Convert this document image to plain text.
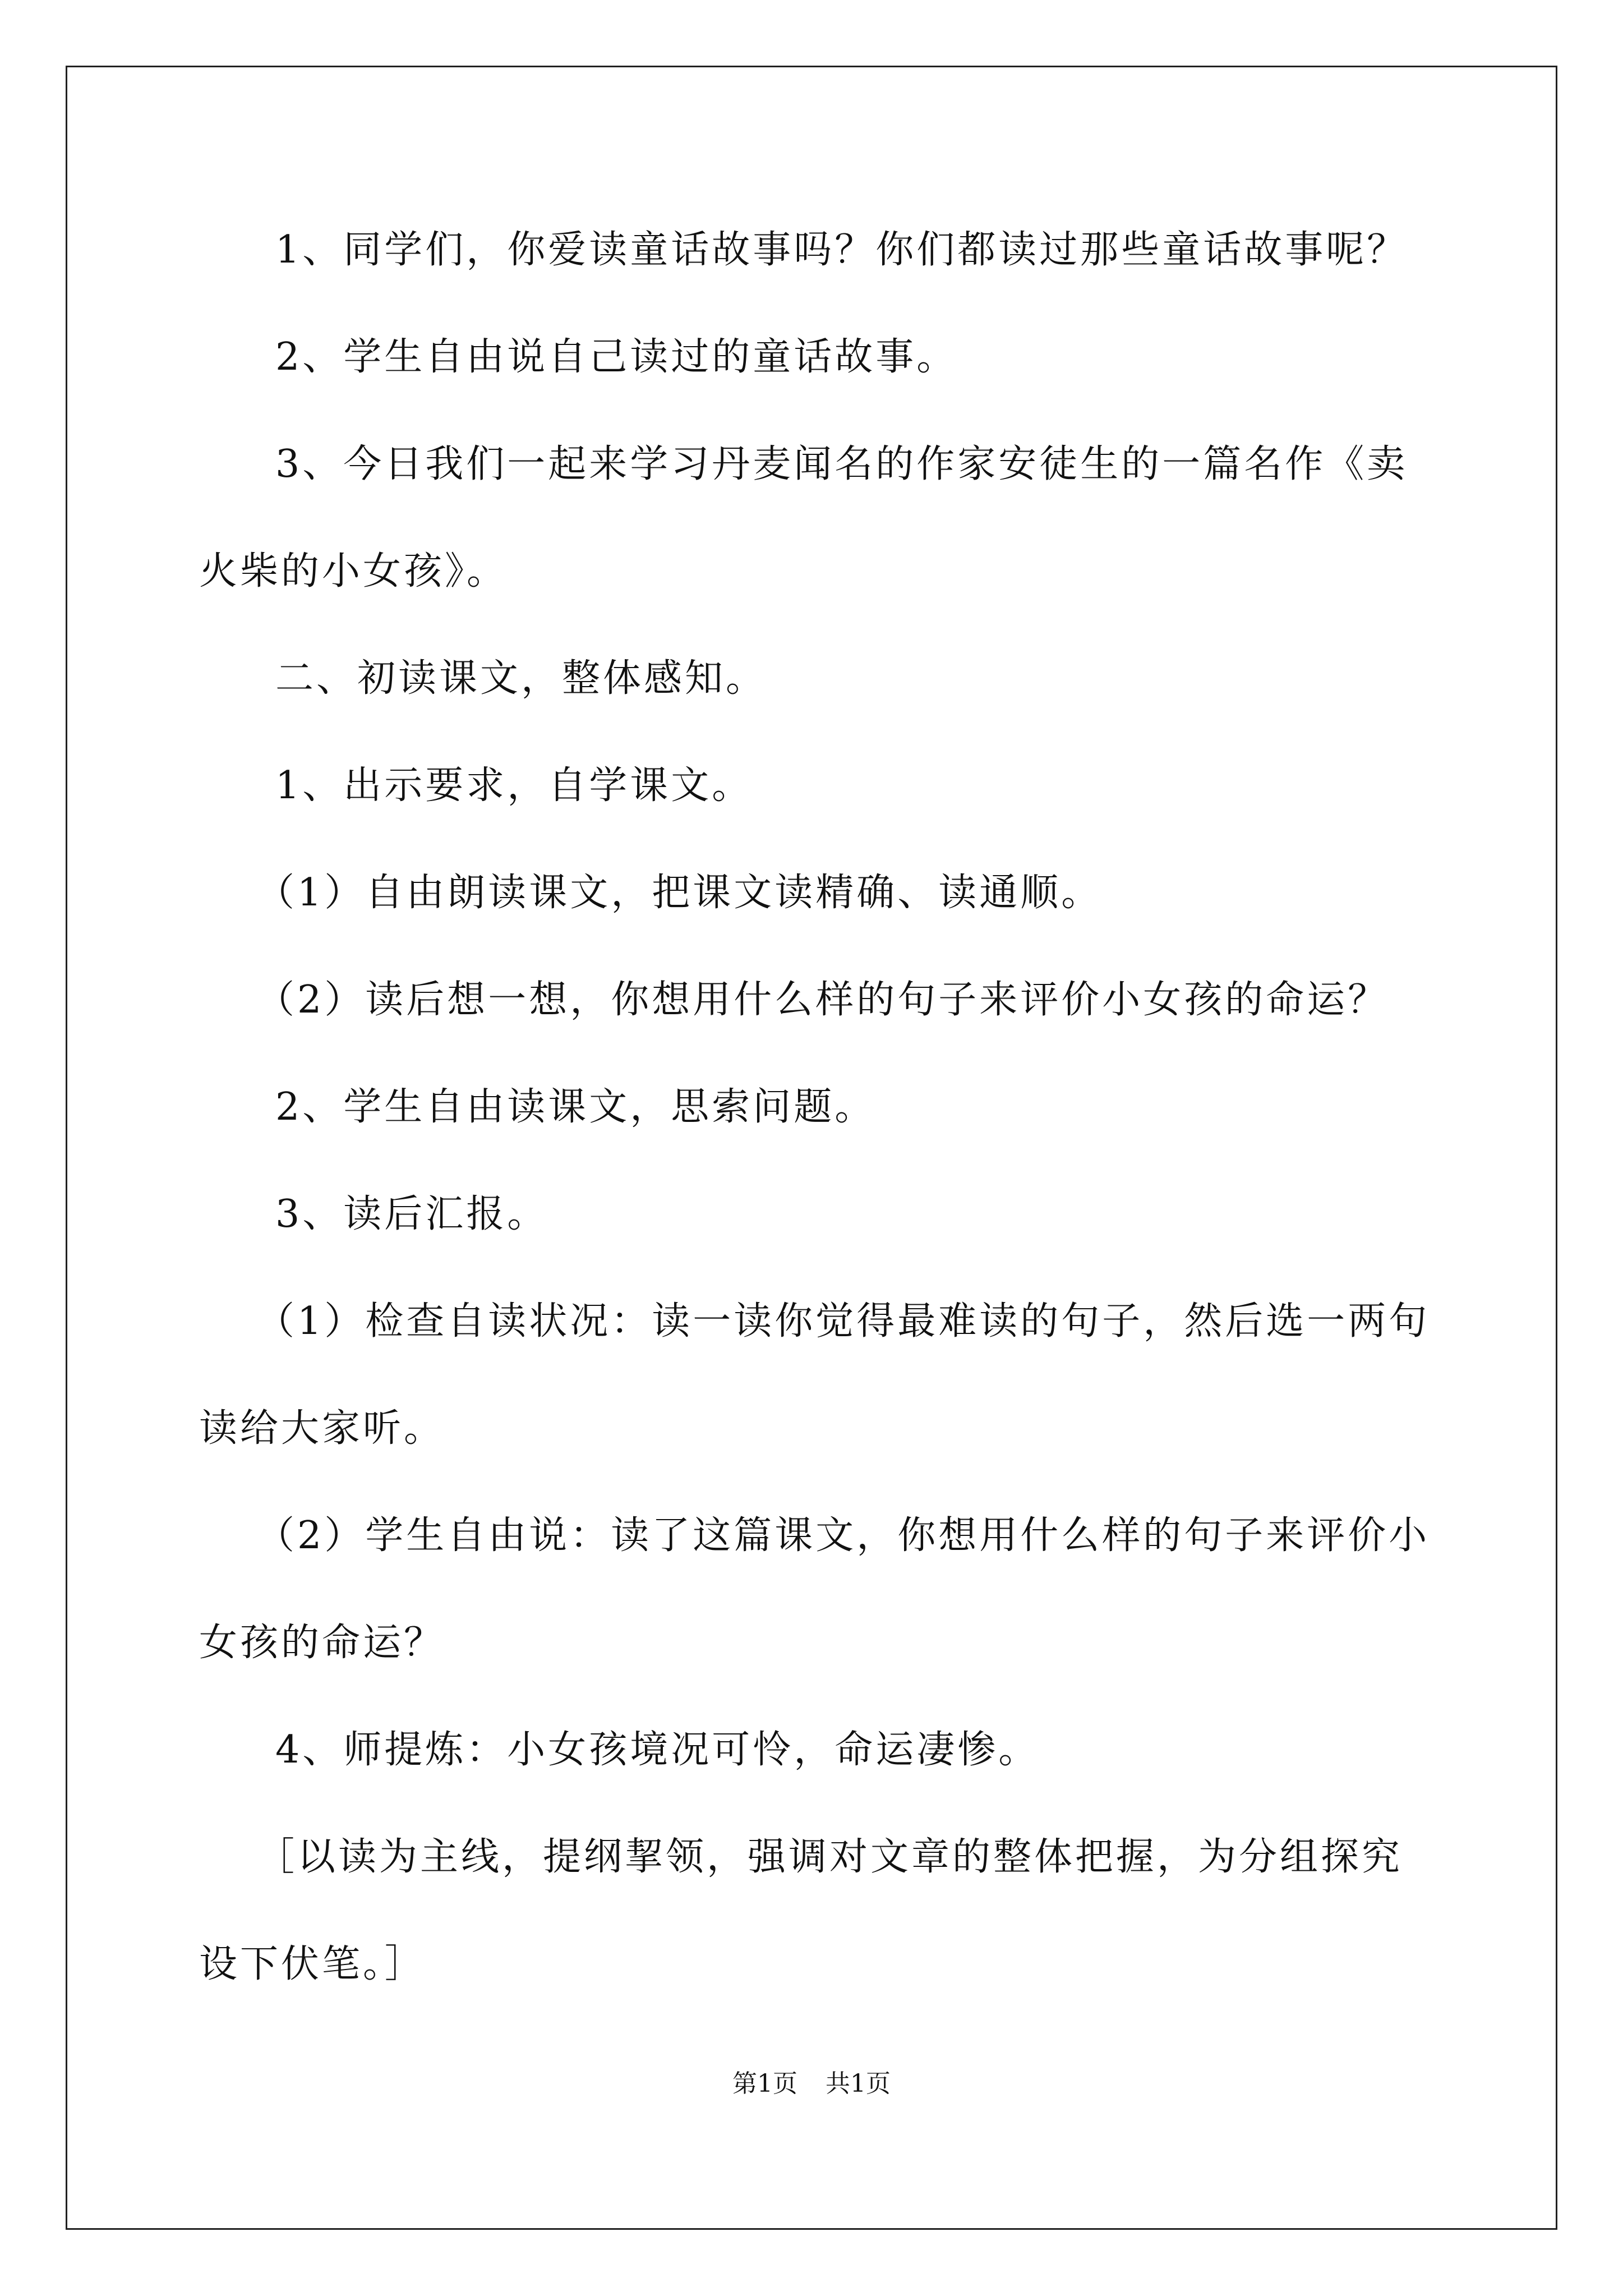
1、同学们，你爱读童话故事吗？你们都读过那些童话故事呢？

2、学生自由说自己读过的童话故事。

3、今日我们一起来学习丹麦闻名的作家安徒生的一篇名作《卖火柴的小女孩》。

二、初读课文，整体感知。

1、出示要求，自学课文。

（1）自由朗读课文，把课文读精确、读通顺。

（2）读后想一想，你想用什么样的句子来评价小女孩的命运？

2、学生自由读课文，思索问题。

3、读后汇报。

（1）检查自读状况：读一读你觉得最难读的句子，然后选一两句读给大家听。

（2）学生自由说：读了这篇课文，你想用什么样的句子来评价小女孩的命运？

4、师提炼：小女孩境况可怜，命运凄惨。

［以读为主线，提纲挈领，强调对文章的整体把握，为分组探究设下伏笔。］

第1页 共1页
